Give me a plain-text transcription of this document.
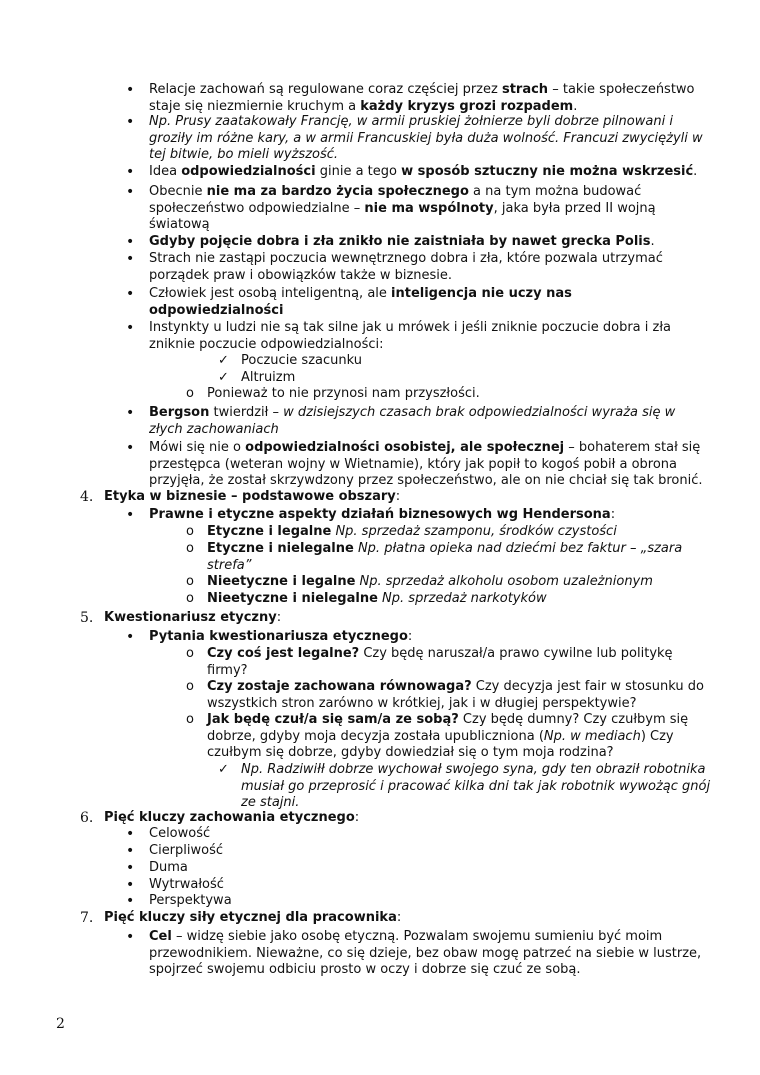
• Relacje zachowań są regulowane coraz częściej przez strach – takie społeczeństwo staje się niezmiernie kruchym a każdy kryzys grozi rozpadem.
• Np. Prusy zaatakowały Francję, w armii pruskiej żołnierze byli dobrze pilnowani i groziły im różne kary, a w armii Francuskiej była duża wolność. Francuzi zwyciężyli w tej bitwie, bo mieli wyższość.
• Idea odpowiedzialności ginie a tego w sposób sztuczny nie można wskrzesić.
• Obecnie nie ma za bardzo życia społecznego a na tym można budować społeczeństwo odpowiedzialne – nie ma wspólnoty, jaka była przed II wojną światową
• Gdyby pojęcie dobra i zła znikło nie zaistniała by nawet grecka Polis.
• Strach nie zastąpi poczucia wewnętrznego dobra i zła, które pozwala utrzymać porządek praw i obowiązków także w biznesie.
• Człowiek jest osobą inteligentną, ale inteligencja nie uczy nas odpowiedzialności
• Instynkty u ludzi nie są tak silne jak u mrówek i jeśli zniknie poczucie dobra i zła zniknie poczucie odpowiedzialności:
✓ Poczucie szacunku
✓ Altruizm
o Ponieważ to nie przynosi nam przyszłości.
• Bergson twierdził – w dzisiejszych czasach brak odpowiedzialności wyraża się w złych zachowaniach
• Mówi się nie o odpowiedzialności osobistej, ale społecznej – bohaterem stał się przestępca (weteran wojny w Wietnamie), który jak popił to kogoś pobił a obrona przyjęła, że został skrzywdzony przez społeczeństwo, ale on nie chciał się tak bronić.
4. Etyka w biznesie – podstawowe obszary:
• Prawne i etyczne aspekty działań biznesowych wg Hendersona:
o Etyczne i legalne Np. sprzedaż szamponu, środków czystości
o Etyczne i nielegalne Np. płatna opieka nad dziećmi bez faktur – „szara strefa”
o Nieetyczne i legalne Np. sprzedaż alkoholu osobom uzależnionym
o Nieetyczne i nielegalne Np. sprzedaż narkotyków
5. Kwestionariusz etyczny:
• Pytania kwestionariusza etycznego:
o Czy coś jest legalne? Czy będę naruszał/a prawo cywilne lub politykę firmy?
o Czy zostaje zachowana równowaga? Czy decyzja jest fair w stosunku do wszystkich stron zarówno w krótkiej, jak i w długiej perspektywie?
o Jak będę czuł/a się sam/a ze sobą? Czy będę dumny? Czy czułbym się dobrze, gdyby moja decyzja została upubliczniona (Np. w mediach) Czy czułbym się dobrze, gdyby dowiedział się o tym moja rodzina?
✓ Np. Radziwiłł dobrze wychował swojego syna, gdy ten obraził robotnika musiał go przeprosić i pracować kilka dni tak jak robotnik wywożąc gnój ze stajni.
6. Pięć kluczy zachowania etycznego:
• Celowość
• Cierpliwość
• Duma
• Wytrwałość
• Perspektywa
7. Pięć kluczy siły etycznej dla pracownika:
• Cel – widzę siebie jako osobę etyczną. Pozwalam swojemu sumieniu być moim przewodnikiem. Nieważne, co się dzieje, bez obaw mogę patrzeć na siebie w lustrze, spojrzeć swojemu odbiciu prosto w oczy i dobrze się czuć ze sobą.
2
